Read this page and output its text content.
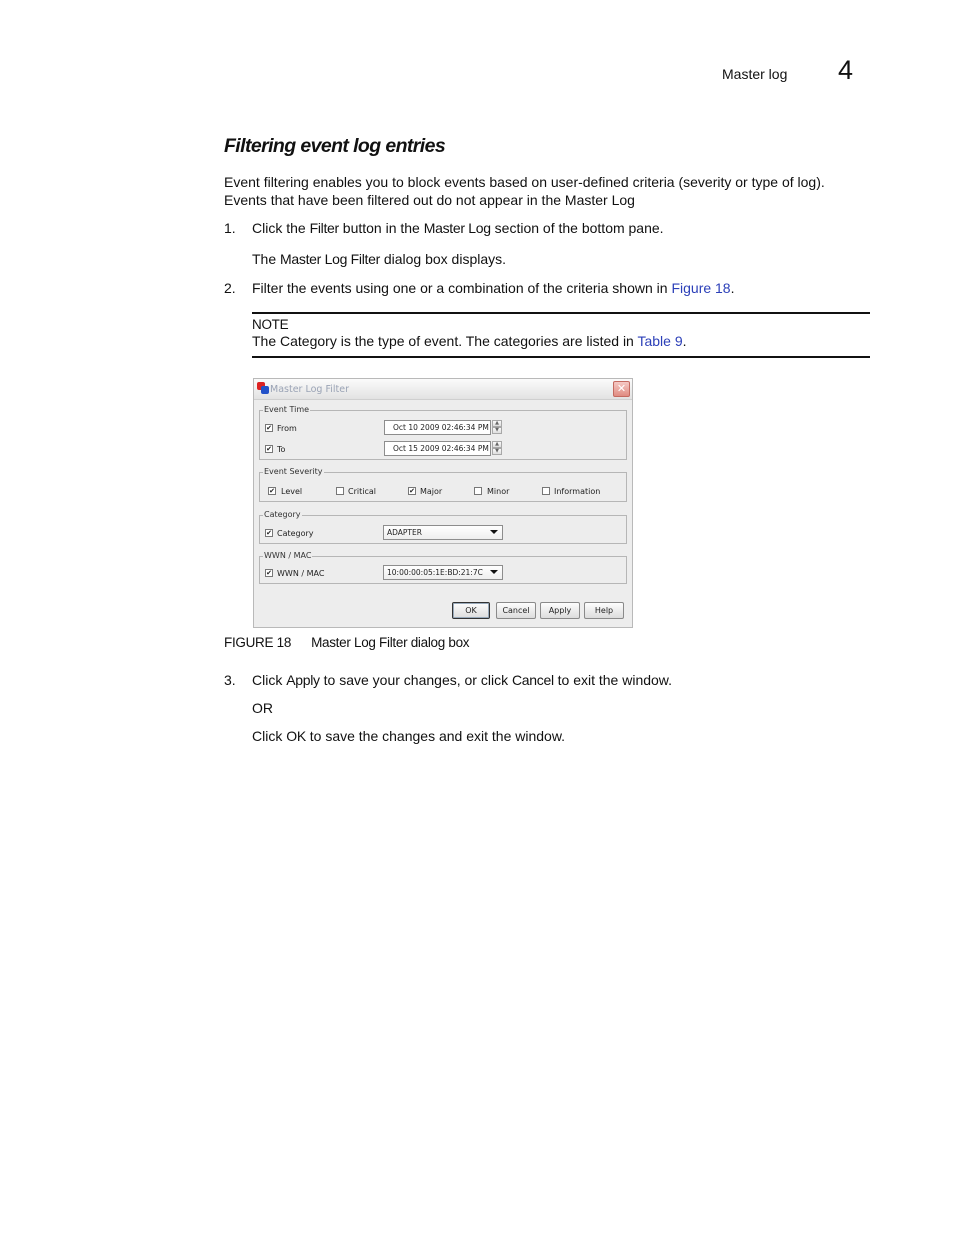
Master log 4
Filtering event log entries
Event filtering enables you to block events based on user-defined criteria (severity or type of log). Events that have been filtered out do not appear in the Master Log
1. Click the Filter button in the Master Log section of the bottom pane.
The Master Log Filter dialog box displays.
2. Filter the events using one or a combination of the criteria shown in Figure 18.
NOTE
The Category is the type of event. The categories are listed in Table 9.
Master Log Filter	✕
Event Time
✔ From	Oct 10 2009 02:46:34 PM	▲
▼
✔ To	Oct 15 2009 02:46:34 PM	▲
▼
Event Severity
✔ Level	Critical	✔ Major	Minor	Information
Category
✔ Category	ADAPTER
WWN / MAC
✔ WWN / MAC	10:00:00:05:1E:BD:21:7C
OK	Cancel	Apply	Help
FIGURE 18 Master Log Filter dialog box
3. Click Apply to save your changes, or click Cancel to exit the window.
OR
Click OK to save the changes and exit the window.
